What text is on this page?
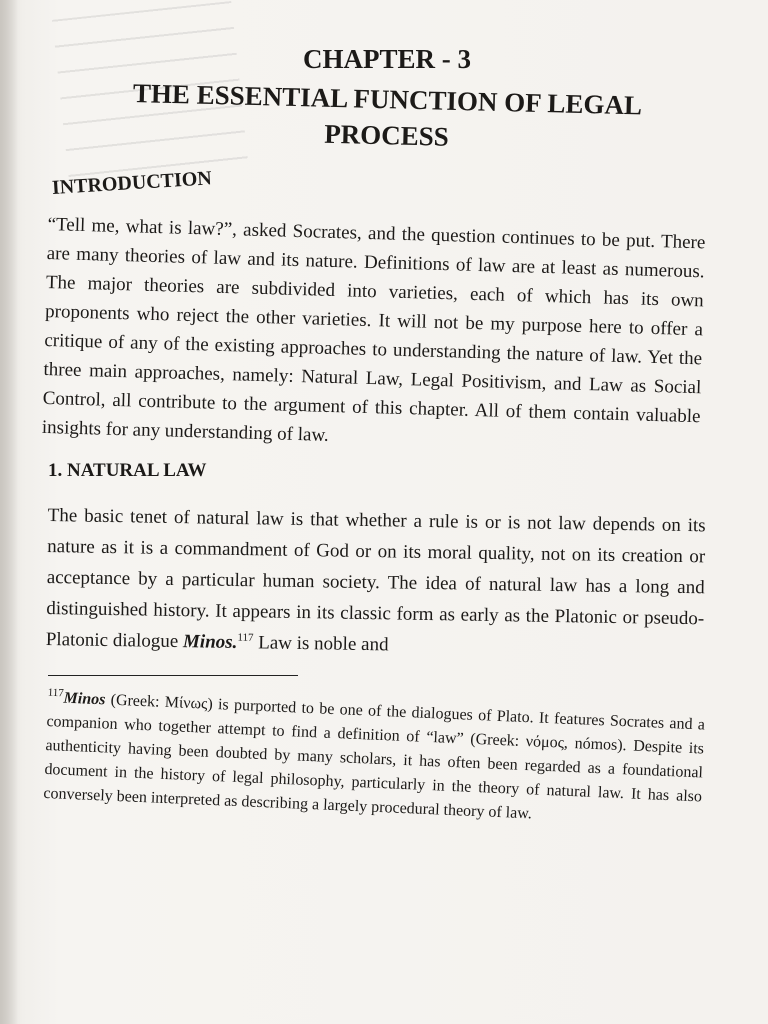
CHAPTER - 3
THE ESSENTIAL FUNCTION OF LEGAL PROCESS
INTRODUCTION

“Tell me, what is law?”, asked Socrates, and the question continues to be put. There are many theories of law and its nature. Definitions of law are at least as numerous. The major theories are subdivided into varieties, each of which has its own proponents who reject the other varieties. It will not be my purpose here to offer a critique of any of the existing approaches to understanding the nature of law. Yet the three main approaches, namely: Natural Law, Legal Positivism, and Law as Social Control, all contribute to the argument of this chapter. All of them contain valuable insights for any understanding of law.

1. NATURAL LAW

The basic tenet of natural law is that whether a rule is or is not law depends on its nature as it is a commandment of God or on its moral quality, not on its creation or acceptance by a particular human society. The idea of natural law has a long and distinguished history. It appears in its classic form as early as the Platonic or pseudo-Platonic dialogue Minos.$^{117}$ Law is noble and

$^{117}$Minos (Greek: Μίνως) is purported to be one of the dialogues of Plato. It features Socrates and a companion who together attempt to find a definition of “law” (Greek: νόμος, nómos). Despite its authenticity having been doubted by many scholars, it has often been regarded as a foundational document in the history of legal philosophy, particularly in the theory of natural law. It has also conversely been interpreted as describing a largely procedural theory of law.
